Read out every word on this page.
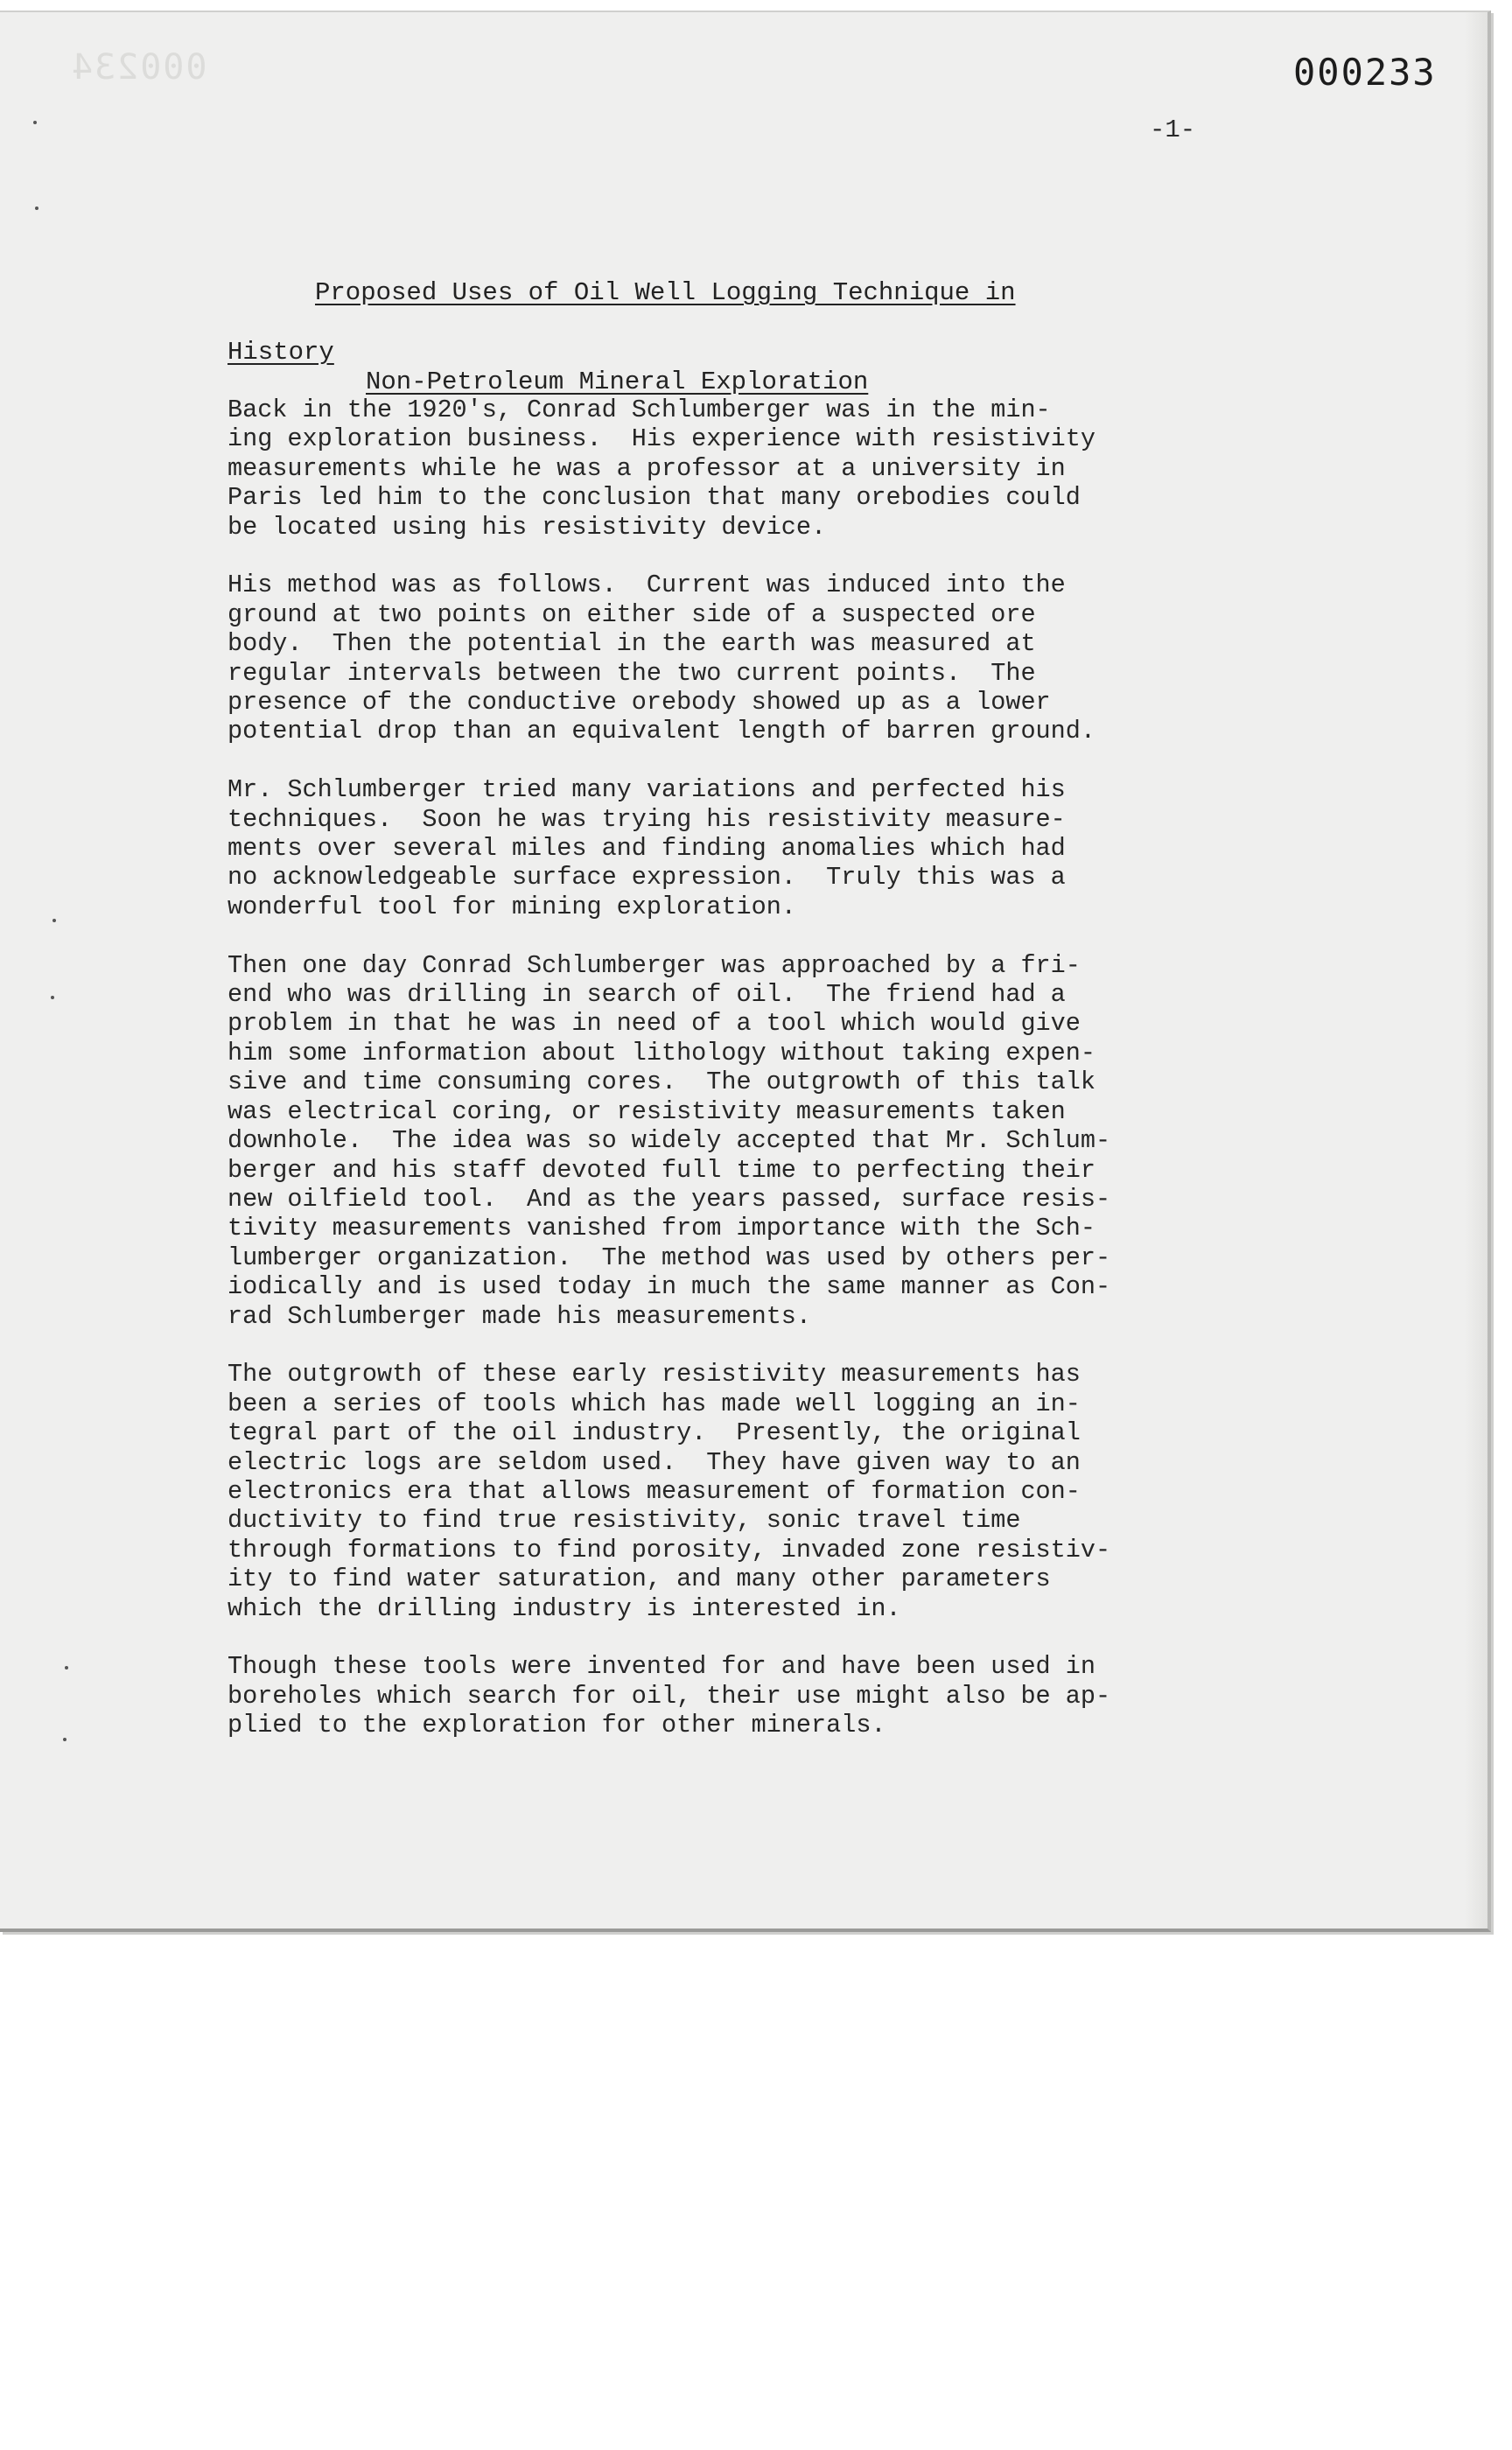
000234	000233
-1-

Proposed Uses of Oil Well Logging Technique in

Non-Petroleum Mineral Exploration

History
Back in the 1920's, Conrad Schlumberger was in the min-
ing exploration business.  His experience with resistivity
measurements while he was a professor at a university in
Paris led him to the conclusion that many orebodies could
be located using his resistivity device.
His method was as follows.  Current was induced into the
ground at two points on either side of a suspected ore
body.  Then the potential in the earth was measured at
regular intervals between the two current points.  The
presence of the conductive orebody showed up as a lower
potential drop than an equivalent length of barren ground.
Mr. Schlumberger tried many variations and perfected his
techniques.  Soon he was trying his resistivity measure-
ments over several miles and finding anomalies which had
no acknowledgeable surface expression.  Truly this was a
wonderful tool for mining exploration.
Then one day Conrad Schlumberger was approached by a fri-
end who was drilling in search of oil.  The friend had a
problem in that he was in need of a tool which would give
him some information about lithology without taking expen-
sive and time consuming cores.  The outgrowth of this talk
was electrical coring, or resistivity measurements taken
downhole.  The idea was so widely accepted that Mr. Schlum-
berger and his staff devoted full time to perfecting their
new oilfield tool.  And as the years passed, surface resis-
tivity measurements vanished from importance with the Sch-
lumberger organization.  The method was used by others per-
iodically and is used today in much the same manner as Con-
rad Schlumberger made his measurements.
The outgrowth of these early resistivity measurements has
been a series of tools which has made well logging an in-
tegral part of the oil industry.  Presently, the original
electric logs are seldom used.  They have given way to an
electronics era that allows measurement of formation con-
ductivity to find true resistivity, sonic travel time
through formations to find porosity, invaded zone resistiv-
ity to find water saturation, and many other parameters
which the drilling industry is interested in.
Though these tools were invented for and have been used in
boreholes which search for oil, their use might also be ap-
plied to the exploration for other minerals.
